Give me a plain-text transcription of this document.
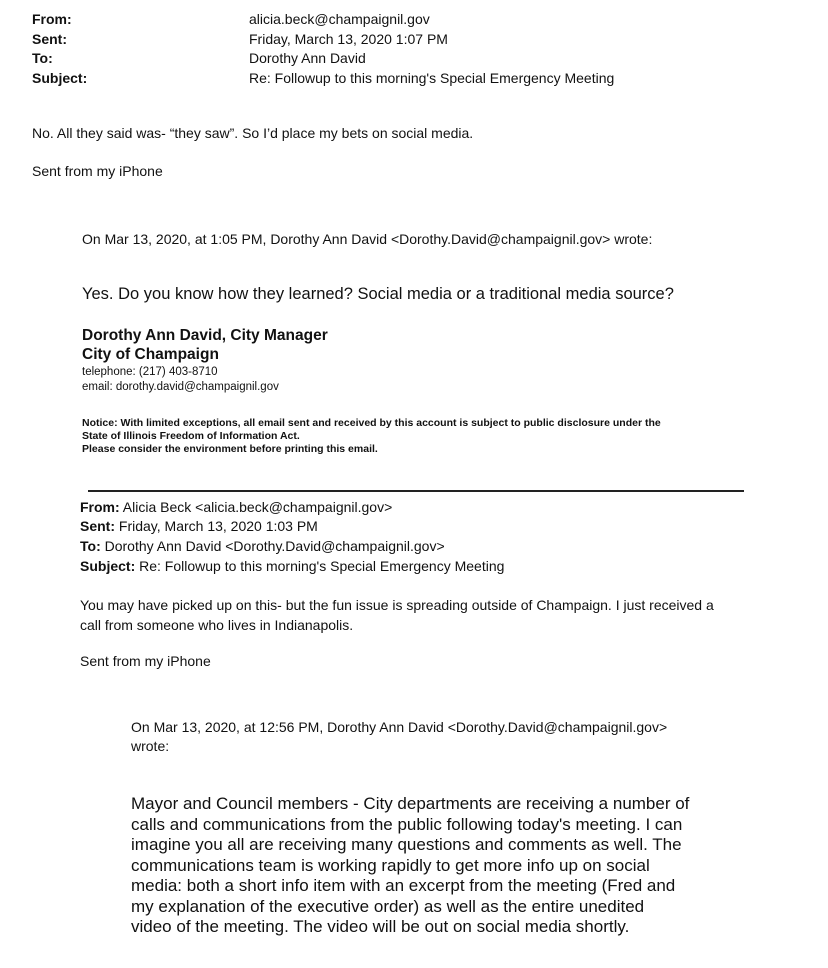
From:	alicia.beck@champaignil.gov
Sent:	Friday, March 13, 2020 1:07 PM
To:	Dorothy Ann David
Subject:	Re: Followup to this morning's Special Emergency Meeting
No. All they said was- “they saw”. So I’d place my bets on social media.
Sent from my iPhone
On Mar 13, 2020, at 1:05 PM, Dorothy Ann David <Dorothy.David@champaignil.gov> wrote:
Yes. Do you know how they learned? Social media or a traditional media source?
Dorothy Ann David, City Manager
City of Champaign
telephone: (217) 403-8710
email: dorothy.david@champaignil.gov
Notice: With limited exceptions, all email sent and received by this account is subject to public disclosure under the
State of Illinois Freedom of Information Act.
Please consider the environment before printing this email.
From: Alicia Beck <alicia.beck@champaignil.gov>
Sent: Friday, March 13, 2020 1:03 PM
To: Dorothy Ann David <Dorothy.David@champaignil.gov>
Subject: Re: Followup to this morning's Special Emergency Meeting
You may have picked up on this- but the fun issue is spreading outside of Champaign. I just received a
call from someone who lives in Indianapolis.
Sent from my iPhone
On Mar 13, 2020, at 12:56 PM, Dorothy Ann David <Dorothy.David@champaignil.gov>
wrote:
Mayor and Council members - City departments are receiving a number of
calls and communications from the public following today's meeting. I can
imagine you all are receiving many questions and comments as well. The
communications team is working rapidly to get more info up on social
media: both a short info item with an excerpt from the meeting (Fred and
my explanation of the executive order) as well as the entire unedited
video of the meeting. The video will be out on social media shortly.
